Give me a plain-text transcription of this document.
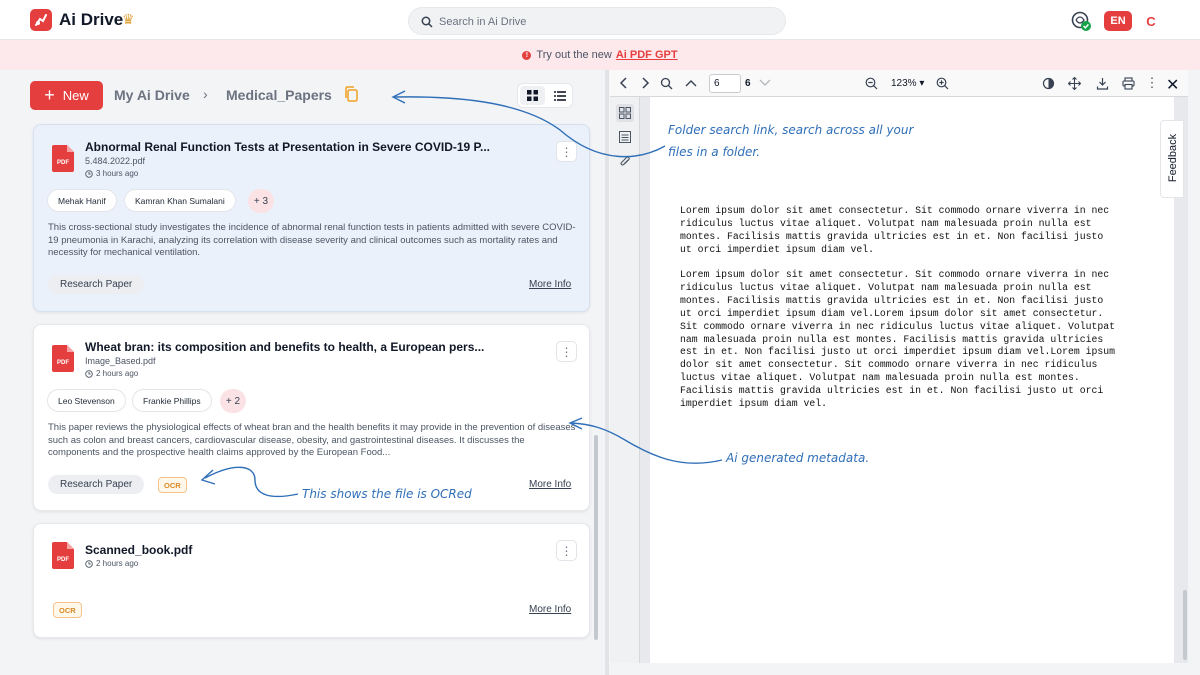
Ai Drive
♛
Search in Ai Drive	EN	C
! Try out the new Ai PDF GPT
+ New My Ai Drive › Medical_Papers
PDF
Abnormal Renal Function Tests at Presentation in Severe COVID-19 P...
5.484.2022.pdf
3 hours ago
⋮
Mehak Hanif	Kamran Khan Sumalani	+ 3
This cross-sectional study investigates the incidence of abnormal renal function tests in patients admitted with severe COVID-19 pneumonia in Karachi, analyzing its correlation with disease severity and clinical outcomes such as mortality rates and necessity for mechanical ventilation.
Research Paper	More Info
PDF
Wheat bran: its composition and benefits to health, a European pers...
Image_Based.pdf
2 hours ago
⋮
Leo Stevenson	Frankie Phillips	+ 2
This paper reviews the physiological effects of wheat bran and the health benefits it may provide in the prevention of diseases such as colon and breast cancers, cardiovascular disease, obesity, and gastrointestinal diseases. It discusses the components and the prospective health claims approved by the European Food...
Research Paper	OCR	More Info
PDF
Scanned_book.pdf
2 hours ago
⋮
OCR	More Info
6
6	123% ▾	⋮
Lorem ipsum dolor sit amet consectetur. Sit commodo ornare viverra in nec ridiculus luctus vitae aliquet. Volutpat nam malesuada proin nulla est montes. Facilisis mattis gravida ultricies est in et. Non facilisi justo ut orci imperdiet ipsum diam vel.
Lorem ipsum dolor sit amet consectetur. Sit commodo ornare viverra in nec ridiculus luctus vitae aliquet. Volutpat nam malesuada proin nulla est montes. Facilisis mattis gravida ultricies est in et. Non facilisi justo ut orci imperdiet ipsum diam vel.Lorem ipsum dolor sit amet consectetur. Sit commodo ornare viverra in nec ridiculus luctus vitae aliquet. Volutpat nam malesuada proin nulla est montes. Facilisis mattis gravida ultricies est in et. Non facilisi justo ut orci imperdiet ipsum diam vel.Lorem ipsum dolor sit amet consectetur. Sit commodo ornare viverra in nec ridiculus luctus vitae aliquet. Volutpat nam malesuada proin nulla est montes. Facilisis mattis gravida ultricies est in et. Non facilisi justo ut orci imperdiet ipsum diam vel.
✕
Feedback
Folder search link, search across all your
files in a folder.
Ai generated metadata.
This shows the file is OCRed
